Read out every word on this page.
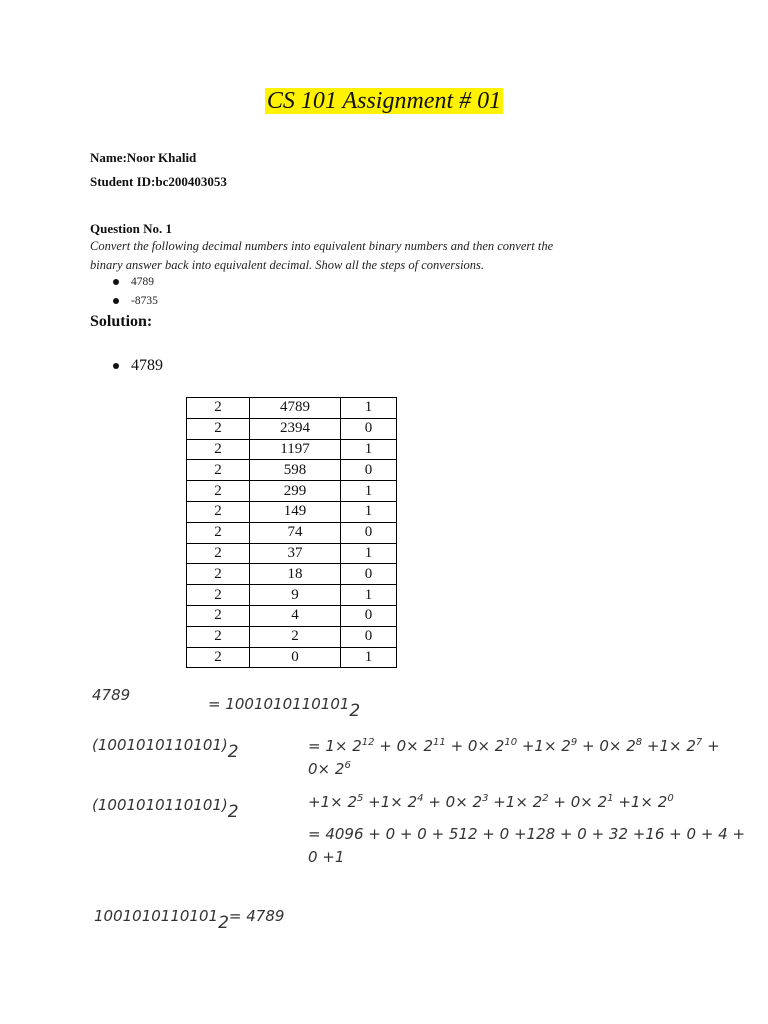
CS 101 Assignment # 01
Name:Noor Khalid
Student ID:bc200403053
Question No. 1
Convert the following decimal numbers into equivalent binary numbers and then convert the
binary answer back into equivalent decimal. Show all the steps of conversions.
4789
-8735
Solution:
4789
2	4789	1
2	2394	0
2	1197	1
2	598	0
2	299	1
2	149	1
2	74	0
2	37	1
2	18	0
2	9	1
2	4	0
2	2	0
2	0	1
4789	= 10010101101012
(1001010110101)2	= $1\times 2^{12} + 0\times 2^{11} + 0\times 2^{10} +1\times 2^9 + 0\times 2^8 +1\times 2^7$ +
$0\times 2^6$
(1001010110101)2	$+1\times 2^5 +1\times 2^4 + 0\times 2^3 +1\times 2^2 + 0\times 2^1 +1\times 2^0$
= 4096 + 0 + 0 + 512 + 0 +128 + 0 + 32 +16 + 0 + 4 +
0 +1
10010101101012= 4789
